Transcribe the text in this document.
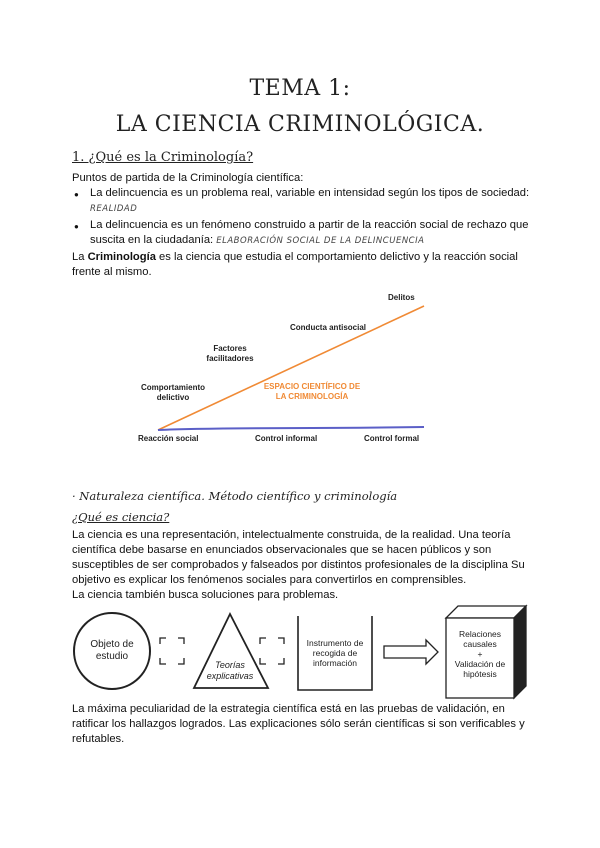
TEMA 1:
LA CIENCIA CRIMINOLÓGICA.
1. ¿Qué es la Criminología?
Puntos de partida de la Criminología científica:
● La delincuencia es un problema real, variable en intensidad según los tipos de sociedad: REALIDAD
● La delincuencia es un fenómeno construido a partir de la reacción social de rechazo que suscita en la ciudadanía: ELABORACIÓN SOCIAL DE LA DELINCUENCIA
La Criminología es la ciencia que estudia el comportamiento delictivo y la reacción social frente al mismo.
Delitos
Conducta antisocial
Factores facilitadores
Comportamiento delictivo
ESPACIO CIENTÍFICO DE LA CRIMINOLOGÍA
Reacción social	Control informal	Control formal
· Naturaleza científica. Método científico y criminología
¿Qué es ciencia?
La ciencia es una representación, intelectualmente construida, de la realidad. Una teoría científica debe basarse en enunciados observacionales que se hacen públicos y son susceptibles de ser comprobados y falseados por distintos profesionales de la disciplina Su objetivo es explicar los fenómenos sociales para convertirlos en comprensibles.
La ciencia también busca soluciones para problemas.
Objeto de estudio
Teorías explicativas
Instrumento de recogida de información
Relaciones causales
+
Validación de hipótesis
La máxima peculiaridad de la estrategia científica está en las pruebas de validación, en ratificar los hallazgos logrados. Las explicaciones sólo serán científicas si son verificables y refutables.
